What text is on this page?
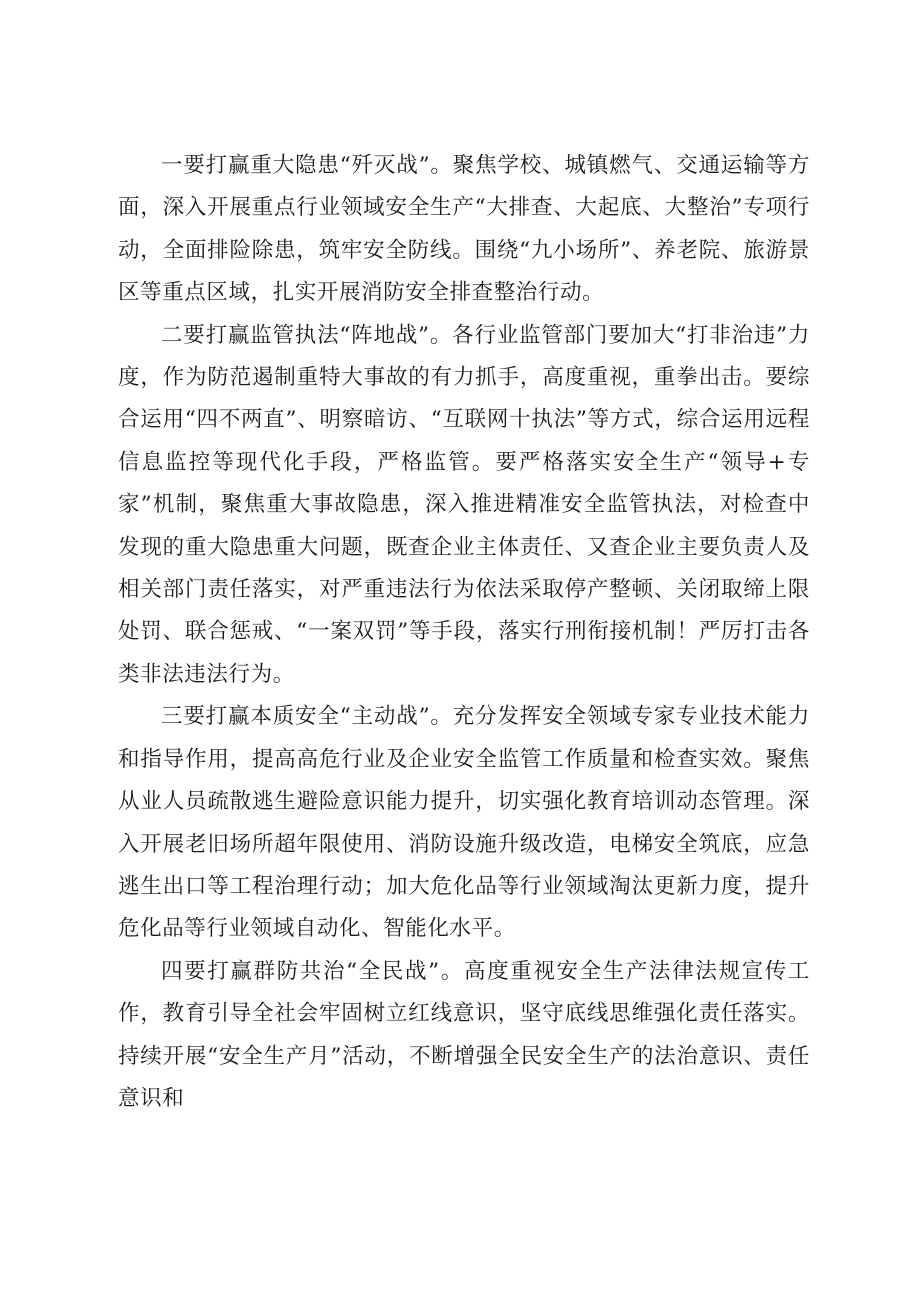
一要打赢重大隐患“歼灭战”。聚焦学校、城镇燃气、交通运输等方面，深入开展重点行业领域安全生产“大排查、大起底、大整治”专项行动，全面排险除患，筑牢安全防线。围绕“九小场所”、养老院、旅游景区等重点区域，扎实开展消防安全排查整治行动。

二要打赢监管执法“阵地战”。各行业监管部门要加大“打非治违”力度，作为防范遏制重特大事故的有力抓手，高度重视，重拳出击。要综合运用“四不两直”、明察暗访、“互联网十执法”等方式，综合运用远程信息监控等现代化手段，严格监管。要严格落实安全生产“领导+专家”机制，聚焦重大事故隐患，深入推进精准安全监管执法，对检查中发现的重大隐患重大问题，既查企业主体责任、又查企业主要负责人及相关部门责任落实，对严重违法行为依法采取停产整顿、关闭取缔上限处罚、联合惩戒、“一案双罚”等手段，落实行刑衔接机制！严厉打击各类非法违法行为。

三要打赢本质安全“主动战”。充分发挥安全领域专家专业技术能力和指导作用，提高高危行业及企业安全监管工作质量和检查实效。聚焦从业人员疏散逃生避险意识能力提升，切实强化教育培训动态管理。深入开展老旧场所超年限使用、消防设施升级改造，电梯安全筑底，应急逃生出口等工程治理行动；加大危化品等行业领域淘汰更新力度，提升危化品等行业领域自动化、智能化水平。

四要打赢群防共治“全民战”。高度重视安全生产法律法规宣传工作，教育引导全社会牢固树立红线意识，坚守底线思维强化责任落实。持续开展“安全生产月”活动，不断增强全民安全生产的法治意识、责任意识和
